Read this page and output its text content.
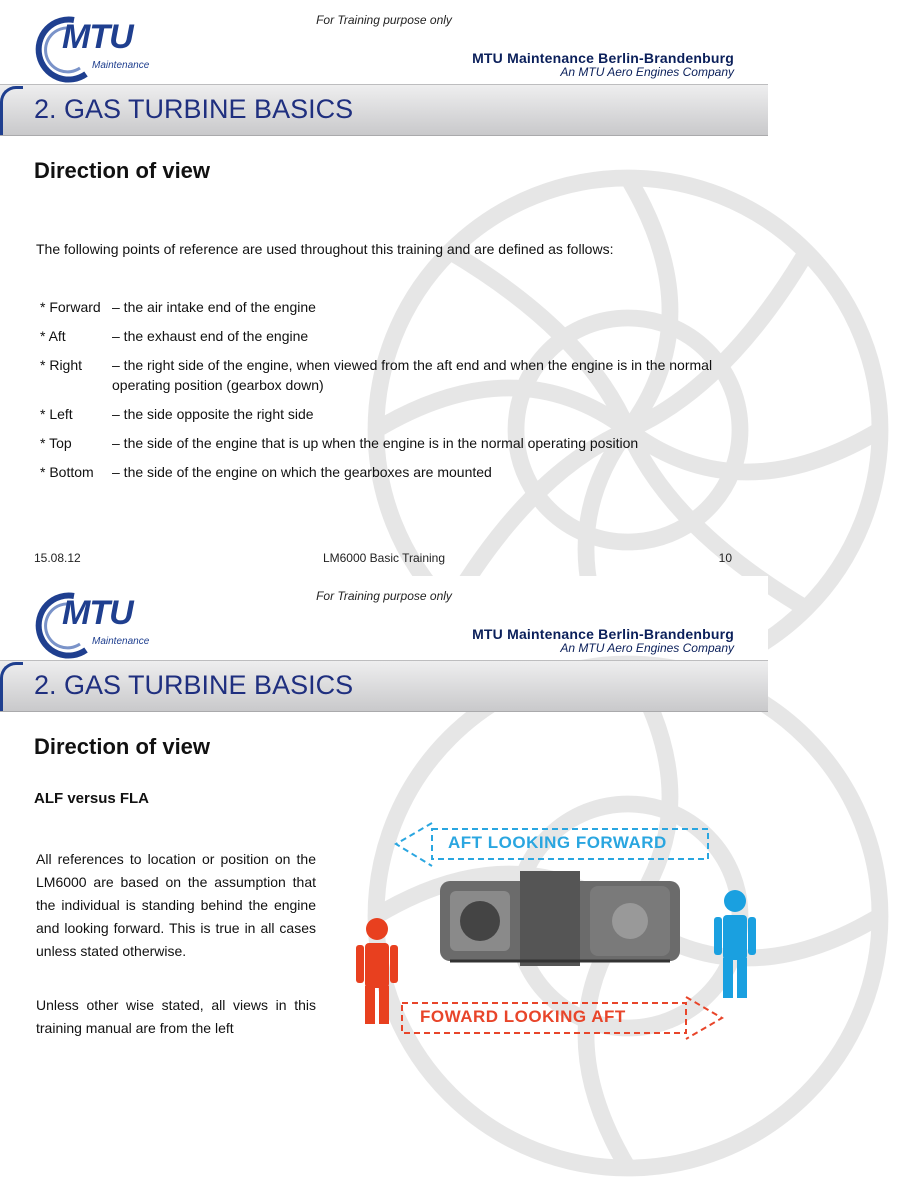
MTU
Maintenance
For Training purpose only
MTU Maintenance Berlin-Brandenburg
An MTU Aero Engines Company
2. GAS TURBINE BASICS
Direction of view
The following points of reference are used throughout this training and are defined as follows:
* Forward – the air intake end of the engine
* Aft	– the exhaust end of the engine
* Right – the right side of the engine, when viewed from the aft end and when the engine is in the normal operating position (gearbox down)
* Left	– the side opposite the right side
* Top	– the side of the engine that is up when the engine is in the normal operating position
* Bottom – the side of the engine on which the gearboxes are mounted
15.08.12	LM6000 Basic Training	10
MTU
Maintenance
For Training purpose only
MTU Maintenance Berlin-Brandenburg
An MTU Aero Engines Company
2. GAS TURBINE BASICS
Direction of view
ALF versus FLA
All references to location or position on the LM6000 are based on the assumption that the individual is standing behind the engine and looking forward. This is true in all cases unless stated otherwise.
Unless other wise stated, all views in this training manual are from the left
AFT LOOKING FORWARD
FOWARD LOOKING AFT
